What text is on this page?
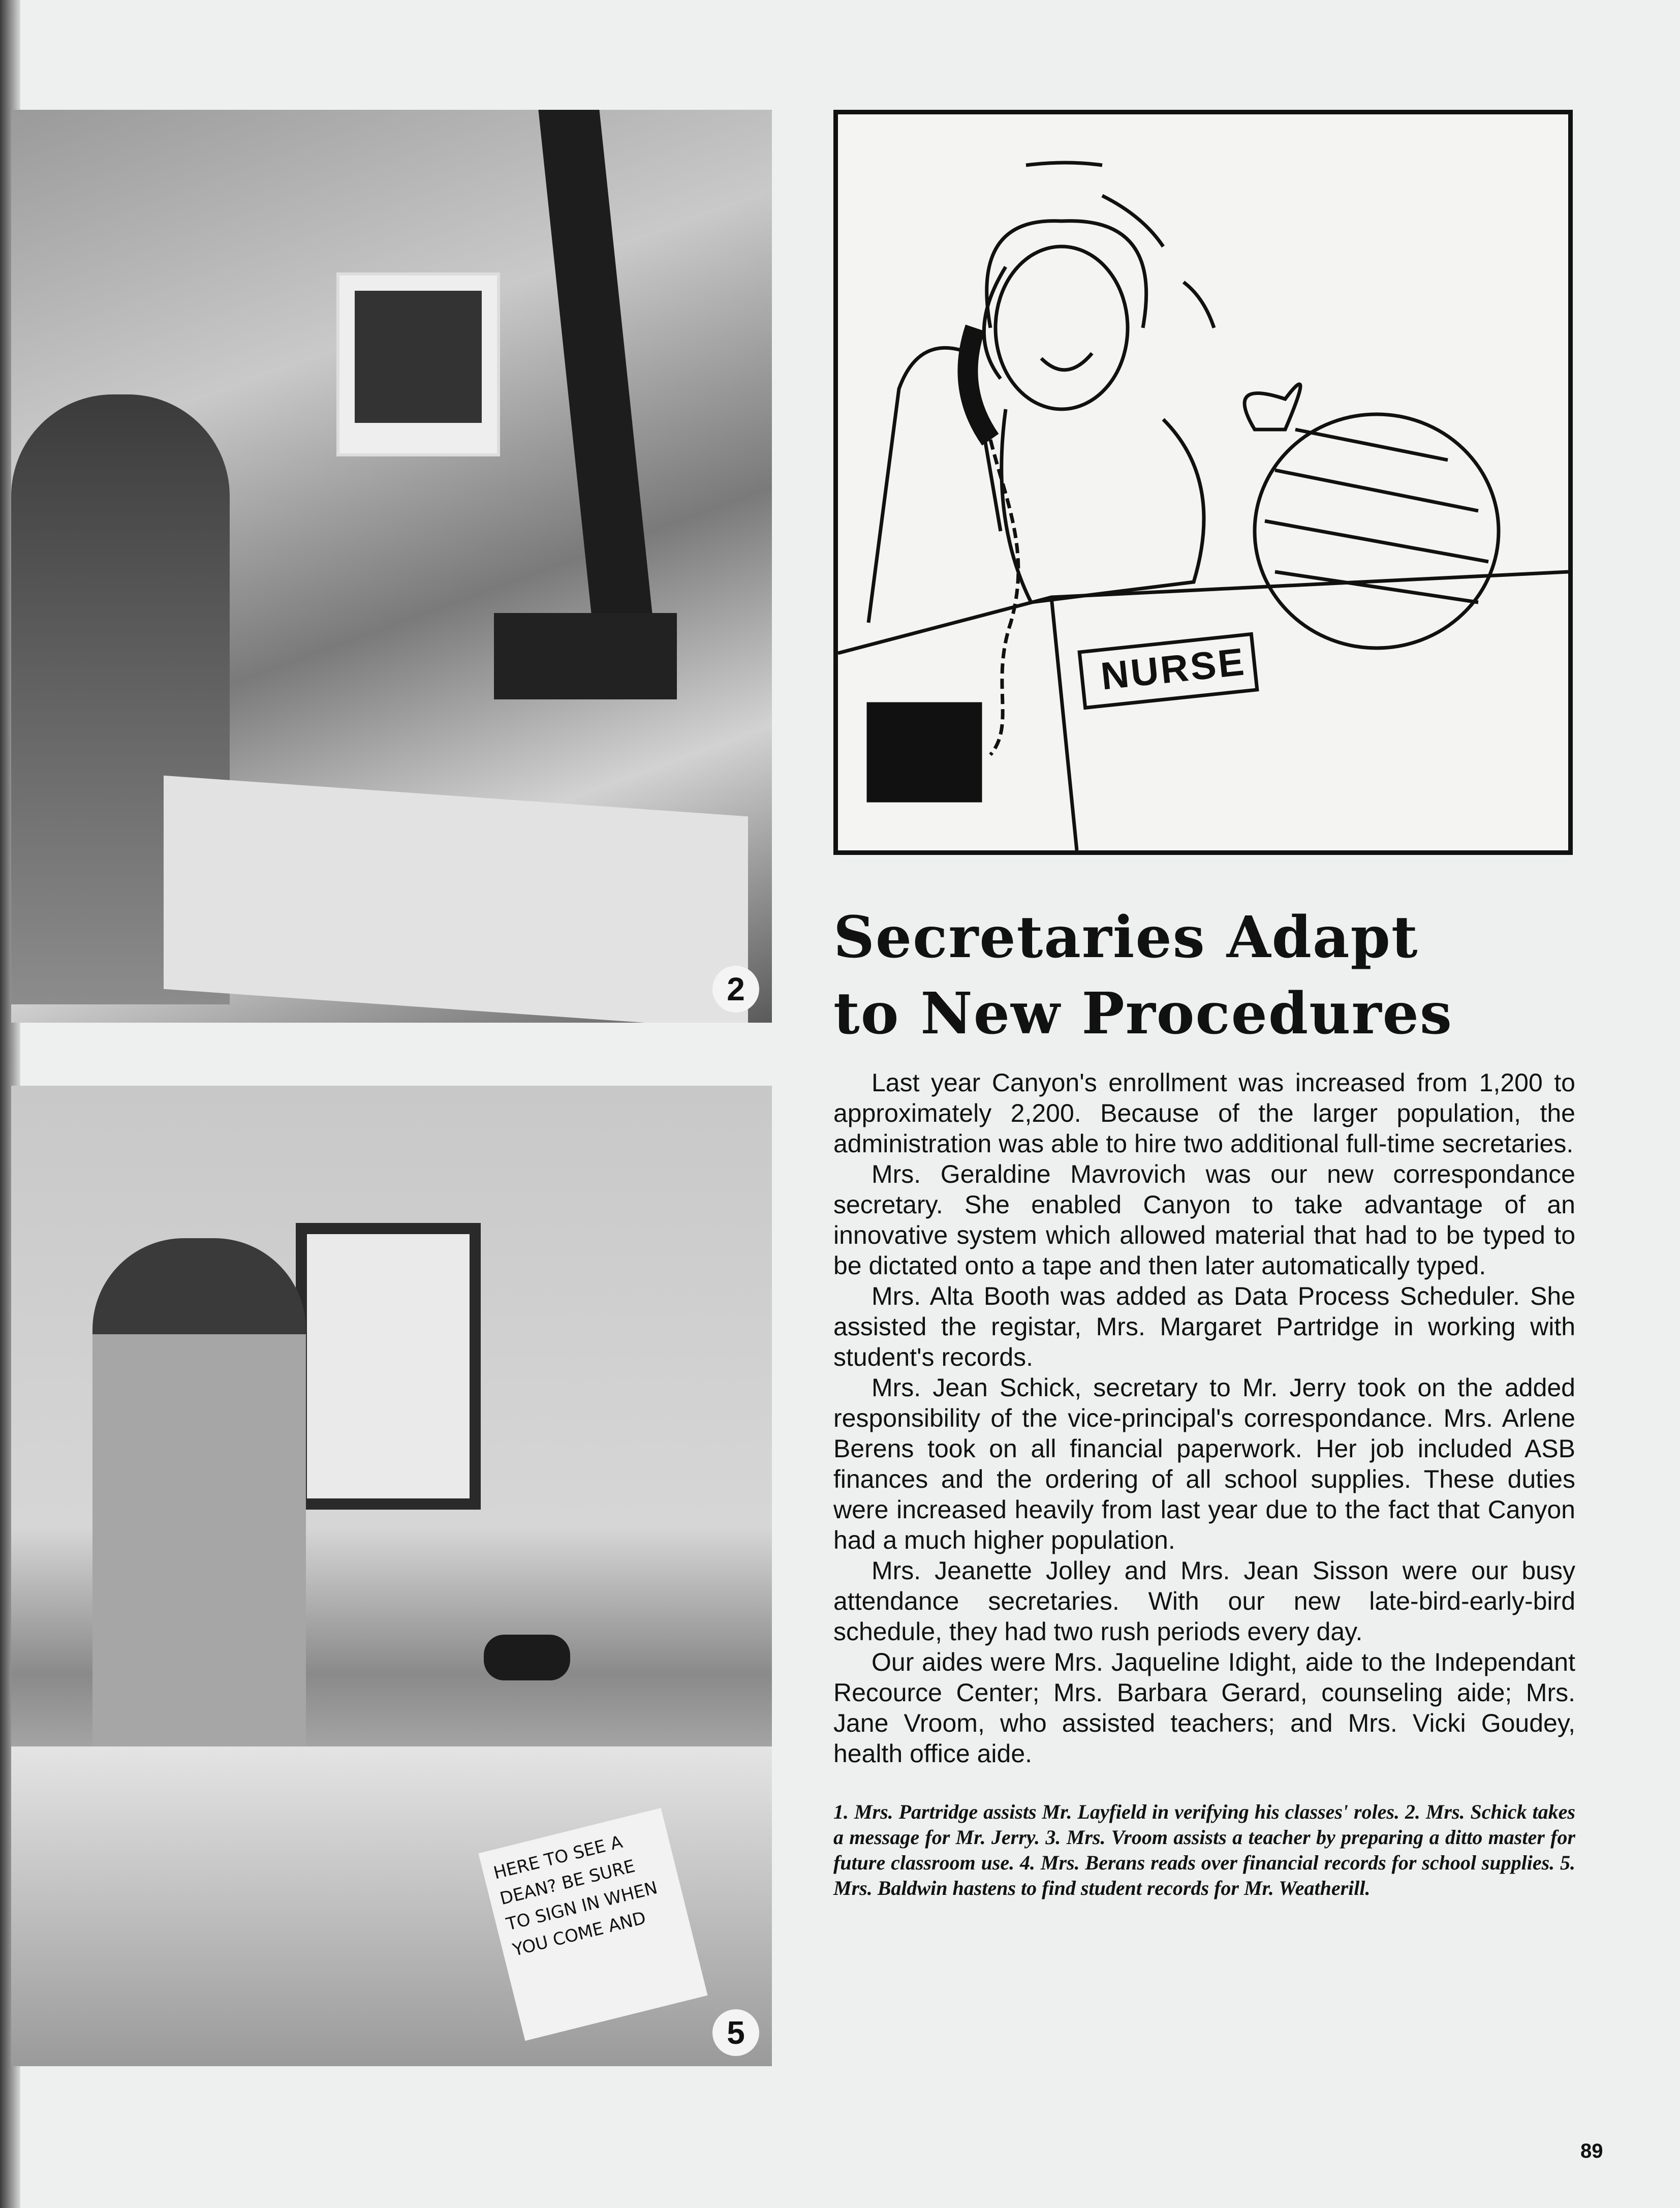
2
HERE TO SEE A DEAN? BE SURE TO SIGN IN WHEN YOU COME AND
5
NURSE
Secretaries Adapt
to New Procedures

Last year Canyon's enrollment was increased from 1,200 to approximately 2,200. Because of the larger population, the administration was able to hire two additional full-time secretaries.

Mrs. Geraldine Mavrovich was our new correspondance secretary. She enabled Canyon to take advantage of an innovative system which allowed material that had to be typed to be dictated onto a tape and then later automatically typed.

Mrs. Alta Booth was added as Data Process Scheduler. She assisted the registar, Mrs. Margaret Partridge in working with student's records.

Mrs. Jean Schick, secretary to Mr. Jerry took on the added responsibility of the vice-principal's correspondance. Mrs. Arlene Berens took on all financial paperwork. Her job included ASB finances and the ordering of all school supplies. These duties were increased heavily from last year due to the fact that Canyon had a much higher population.

Mrs. Jeanette Jolley and Mrs. Jean Sisson were our busy attendance secretaries. With our new late-bird-early-bird schedule, they had two rush periods every day.

Our aides were Mrs. Jaqueline Idight, aide to the Independant Recource Center; Mrs. Barbara Gerard, counseling aide; Mrs. Jane Vroom, who assisted teachers; and Mrs. Vicki Goudey, health office aide.

1. Mrs. Partridge assists Mr. Layfield in verifying his classes' roles. 2. Mrs. Schick takes a message for Mr. Jerry. 3. Mrs. Vroom assists a teacher by preparing a ditto master for future classroom use. 4. Mrs. Berans reads over financial records for school supplies. 5. Mrs. Baldwin hastens to find student records for Mr. Weatherill.

89
